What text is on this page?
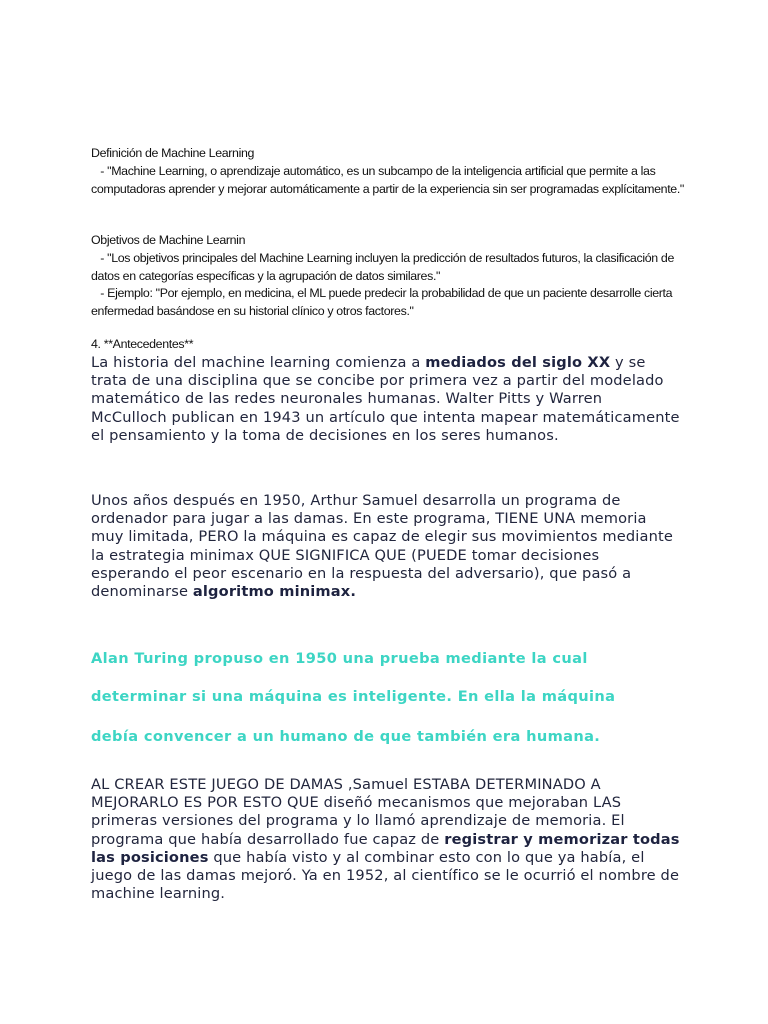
Definición de Machine Learning
- "Machine Learning, o aprendizaje automático, es un subcampo de la inteligencia artificial que permite a las computadoras aprender y mejorar automáticamente a partir de la experiencia sin ser programadas explícitamente."
Objetivos de Machine Learnin
- "Los objetivos principales del Machine Learning incluyen la predicción de resultados futuros, la clasificación de datos en categorías específicas y la agrupación de datos similares."
- Ejemplo: "Por ejemplo, en medicina, el ML puede predecir la probabilidad de que un paciente desarrolle cierta enfermedad basándose en su historial clínico y otros factores."
4. **Antecedentes**

La historia del machine learning comienza a mediados del siglo XX y se trata de una disciplina que se concibe por primera vez a partir del modelado matemático de las redes neuronales humanas. Walter Pitts y Warren McCulloch publican en 1943 un artículo que intenta mapear matemáticamente el pensamiento y la toma de decisiones en los seres humanos.

Unos años después en 1950, Arthur Samuel desarrolla un programa de ordenador para jugar a las damas. En este programa, TIENE UNA memoria muy limitada, PERO la máquina es capaz de elegir sus movimientos mediante la estrategia minimax QUE SIGNIFICA QUE (PUEDE tomar decisiones esperando el peor escenario en la respuesta del adversario), que pasó a denominarse algoritmo minimax.

Alan Turing propuso en 1950 una prueba mediante la cual
determinar si una máquina es inteligente. En ella la máquina
debía convencer a un humano de que también era humana.

AL CREAR ESTE JUEGO DE DAMAS ,Samuel ESTABA DETERMINADO A MEJORARLO ES POR ESTO QUE diseñó mecanismos que mejoraban LAS primeras versiones del programa y lo llamó aprendizaje de memoria. El programa que había desarrollado fue capaz de registrar y memorizar todas las posiciones que había visto y al combinar esto con lo que ya había, el juego de las damas mejoró. Ya en 1952, al científico se le ocurrió el nombre de machine learning.
